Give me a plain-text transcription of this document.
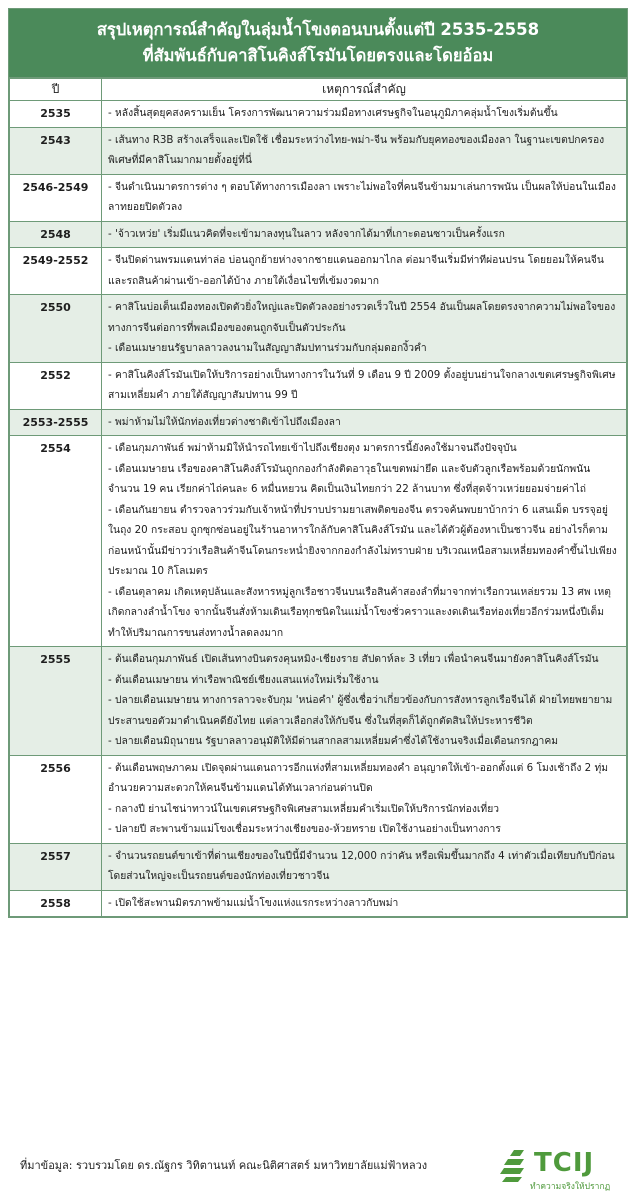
สรุปเหตุการณ์สำคัญในลุ่มน้ำโขงตอนบนตั้งแต่ปี 2535-2558
ที่สัมพันธ์กับคาสิโนคิงส์โรมันโดยตรงและโดยอ้อม
ปี	เหตุการณ์สำคัญ
2535	- หลังสิ้นสุดยุคสงครามเย็น โครงการพัฒนาความร่วมมือทางเศรษฐกิจในอนุภูมิภาคลุ่มน้ำโขงเริ่มต้นขึ้น

2543	- เส้นทาง R3B สร้างเสร็จและเปิดใช้ เชื่อมระหว่างไทย-พม่า-จีน พร้อมกับยุคทองของเมืองลา ในฐานะเขตปกครองพิเศษที่มีคาสิโนมากมายตั้งอยู่ที่นี่

2546-2549	- จีนดำเนินมาตรการต่าง ๆ ตอบโต้ทางการเมืองลา เพราะไม่พอใจที่คนจีนข้ามมาเล่นการพนัน เป็นผลให้บ่อนในเมืองลาทยอยปิดตัวลง

2548	- 'จ้าวเหว่ย' เริ่มมีแนวคิดที่จะเข้ามาลงทุนในลาว หลังจากได้มาที่เกาะดอนซาวเป็นครั้งแรก

2549-2552	- จีนปิดด่านพรมแดนท่าล่อ บ่อนถูกย้ายห่างจากชายแดนออกมาไกล ต่อมาจีนเริ่มมีท่าทีผ่อนปรน โดยยอมให้คนจีนและรถสินค้าผ่านเข้า-ออกได้บ้าง ภายใต้เงื่อนไขที่เข้มงวดมาก

2550	- คาสิโนบ่อเต็นเมืองทองเปิดตัวยิ่งใหญ่และปิดตัวลงอย่างรวดเร็วในปี 2554 อันเป็นผลโดยตรงจากความไม่พอใจของทางการจีนต่อการที่พลเมืองของตนถูกจับเป็นตัวประกัน

- เดือนเมษายนรัฐบาลลาวลงนามในสัญญาสัมปทานร่วมกับกลุ่มดอกงิ้วคำ

2552	- คาสิโนคิงส์โรมันเปิดให้บริการอย่างเป็นทางการในวันที่ 9 เดือน 9 ปี 2009 ตั้งอยู่บนย่านใจกลางเขตเศรษฐกิจพิเศษสามเหลี่ยมคำ ภายใต้สัญญาสัมปทาน 99 ปี

2553-2555	- พม่าห้ามไม่ให้นักท่องเที่ยวต่างชาติเข้าไปถึงเมืองลา

2554	- เดือนกุมภาพันธ์ พม่าห้ามมิให้นำรถไทยเข้าไปถึงเชียงตุง มาตรการนี้ยังคงใช้มาจนถึงปัจจุบัน

- เดือนเมษายน เรือของคาสิโนคิงส์โรมันถูกกองกำลังติดอาวุธในเขตพม่ายึด และจับตัวลูกเรือพร้อมด้วยนักพนันจำนวน 19 คน เรียกค่าไถ่คนละ 6 หมื่นหยวน คิดเป็นเงินไทยกว่า 22 ล้านบาท ซึ่งที่สุดจ้าวเหว่ยยอมจ่ายค่าไถ่

- เดือนกันยายน ตำรวจลาวร่วมกับเจ้าหน้าที่ปราบปรามยาเสพติดของจีน ตรวจค้นพบยาบ้ากว่า 6 แสนเม็ด บรรจุอยู่ในถุง 20 กระสอบ ถูกซุกซ่อนอยู่ในร้านอาหารใกล้กับคาสิโนคิงส์โรมัน และได้ตัวผู้ต้องหาเป็นชาวจีน อย่างไรก็ตามก่อนหน้านั้นมีข่าวว่าเรือสินค้าจีนโดนกระหน่ำยิงจากกองกำลังไม่ทราบฝ่าย บริเวณเหนือสามเหลี่ยมทองคำขึ้นไปเพียงประมาณ 10 กิโลเมตร

- เดือนตุลาคม เกิดเหตุปล้นและสังหารหมู่ลูกเรือชาวจีนบนเรือสินค้าสองลำที่มาจากท่าเรือกวนเหล่ยรวม 13 ศพ เหตุเกิดกลางลำน้ำโขง จากนั้นจีนสั่งห้ามเดินเรือทุกชนิดในแม่น้ำโขงชั่วคราวและงดเดินเรือท่องเที่ยวอีกร่วมหนึ่งปีเต็ม ทำให้ปริมาณการขนส่งทางน้ำลดลงมาก

2555	- ต้นเดือนกุมภาพันธ์ เปิดเส้นทางบินตรงคุนหมิง-เชียงราย สัปดาห์ละ 3 เที่ยว เพื่อนำคนจีนมายังคาสิโนคิงส์โรมัน

- ต้นเดือนเมษายน ท่าเรือพาณิชย์เชียงแสนแห่งใหม่เริ่มใช้งาน

- ปลายเดือนเมษายน ทางการลาวจะจับกุม 'หน่อคำ' ผู้ซึ่งเชื่อว่าเกี่ยวข้องกับการสังหารลูกเรือจีนได้ ฝ่ายไทยพยายามประสานขอตัวมาดำเนินคดียังไทย แต่ลาวเลือกส่งให้กับจีน ซึ่งในที่สุดก็ได้ถูกตัดสินให้ประหารชีวิต

- ปลายเดือนมิถุนายน รัฐบาลลาวอนุมัติให้มีด่านสากลสามเหลี่ยมคำซึ่งได้ใช้งานจริงเมื่อเดือนกรกฎาคม

2556	- ต้นเดือนพฤษภาคม เปิดจุดผ่านแดนถาวรอีกแห่งที่สามเหลี่ยมทองคำ อนุญาตให้เข้า-ออกตั้งแต่ 6 โมงเช้าถึง 2 ทุ่ม อำนวยความสะดวกให้คนจีนข้ามแดนได้ทันเวลาก่อนด่านปิด

- กลางปี ย่านไชน่าทาวน์ในเขตเศรษฐกิจพิเศษสามเหลี่ยมคำเริ่มเปิดให้บริการนักท่องเที่ยว

- ปลายปี สะพานข้ามแม่โขงเชื่อมระหว่างเชียงของ-ห้วยทราย เปิดใช้งานอย่างเป็นทางการ

2557	- จำนวนรถยนต์ขาเข้าที่ด่านเชียงของในปีนี้มีจำนวน 12,000 กว่าคัน หรือเพิ่มขึ้นมากถึง 4 เท่าตัวเมื่อเทียบกับปีก่อน โดยส่วนใหญ่จะเป็นรถยนต์ของนักท่องเที่ยวชาวจีน

2558	- เปิดใช้สะพานมิตรภาพข้ามแม่น้ำโขงแห่งแรกระหว่างลาวกับพม่า

ที่มาข้อมูล: รวบรวมโดย ดร.ณัฐกร วิทิตานนท์ คณะนิติศาสตร์ มหาวิทยาลัยแม่ฟ้าหลวง	TCIJ
ทำความจริงให้ปรากฏ
